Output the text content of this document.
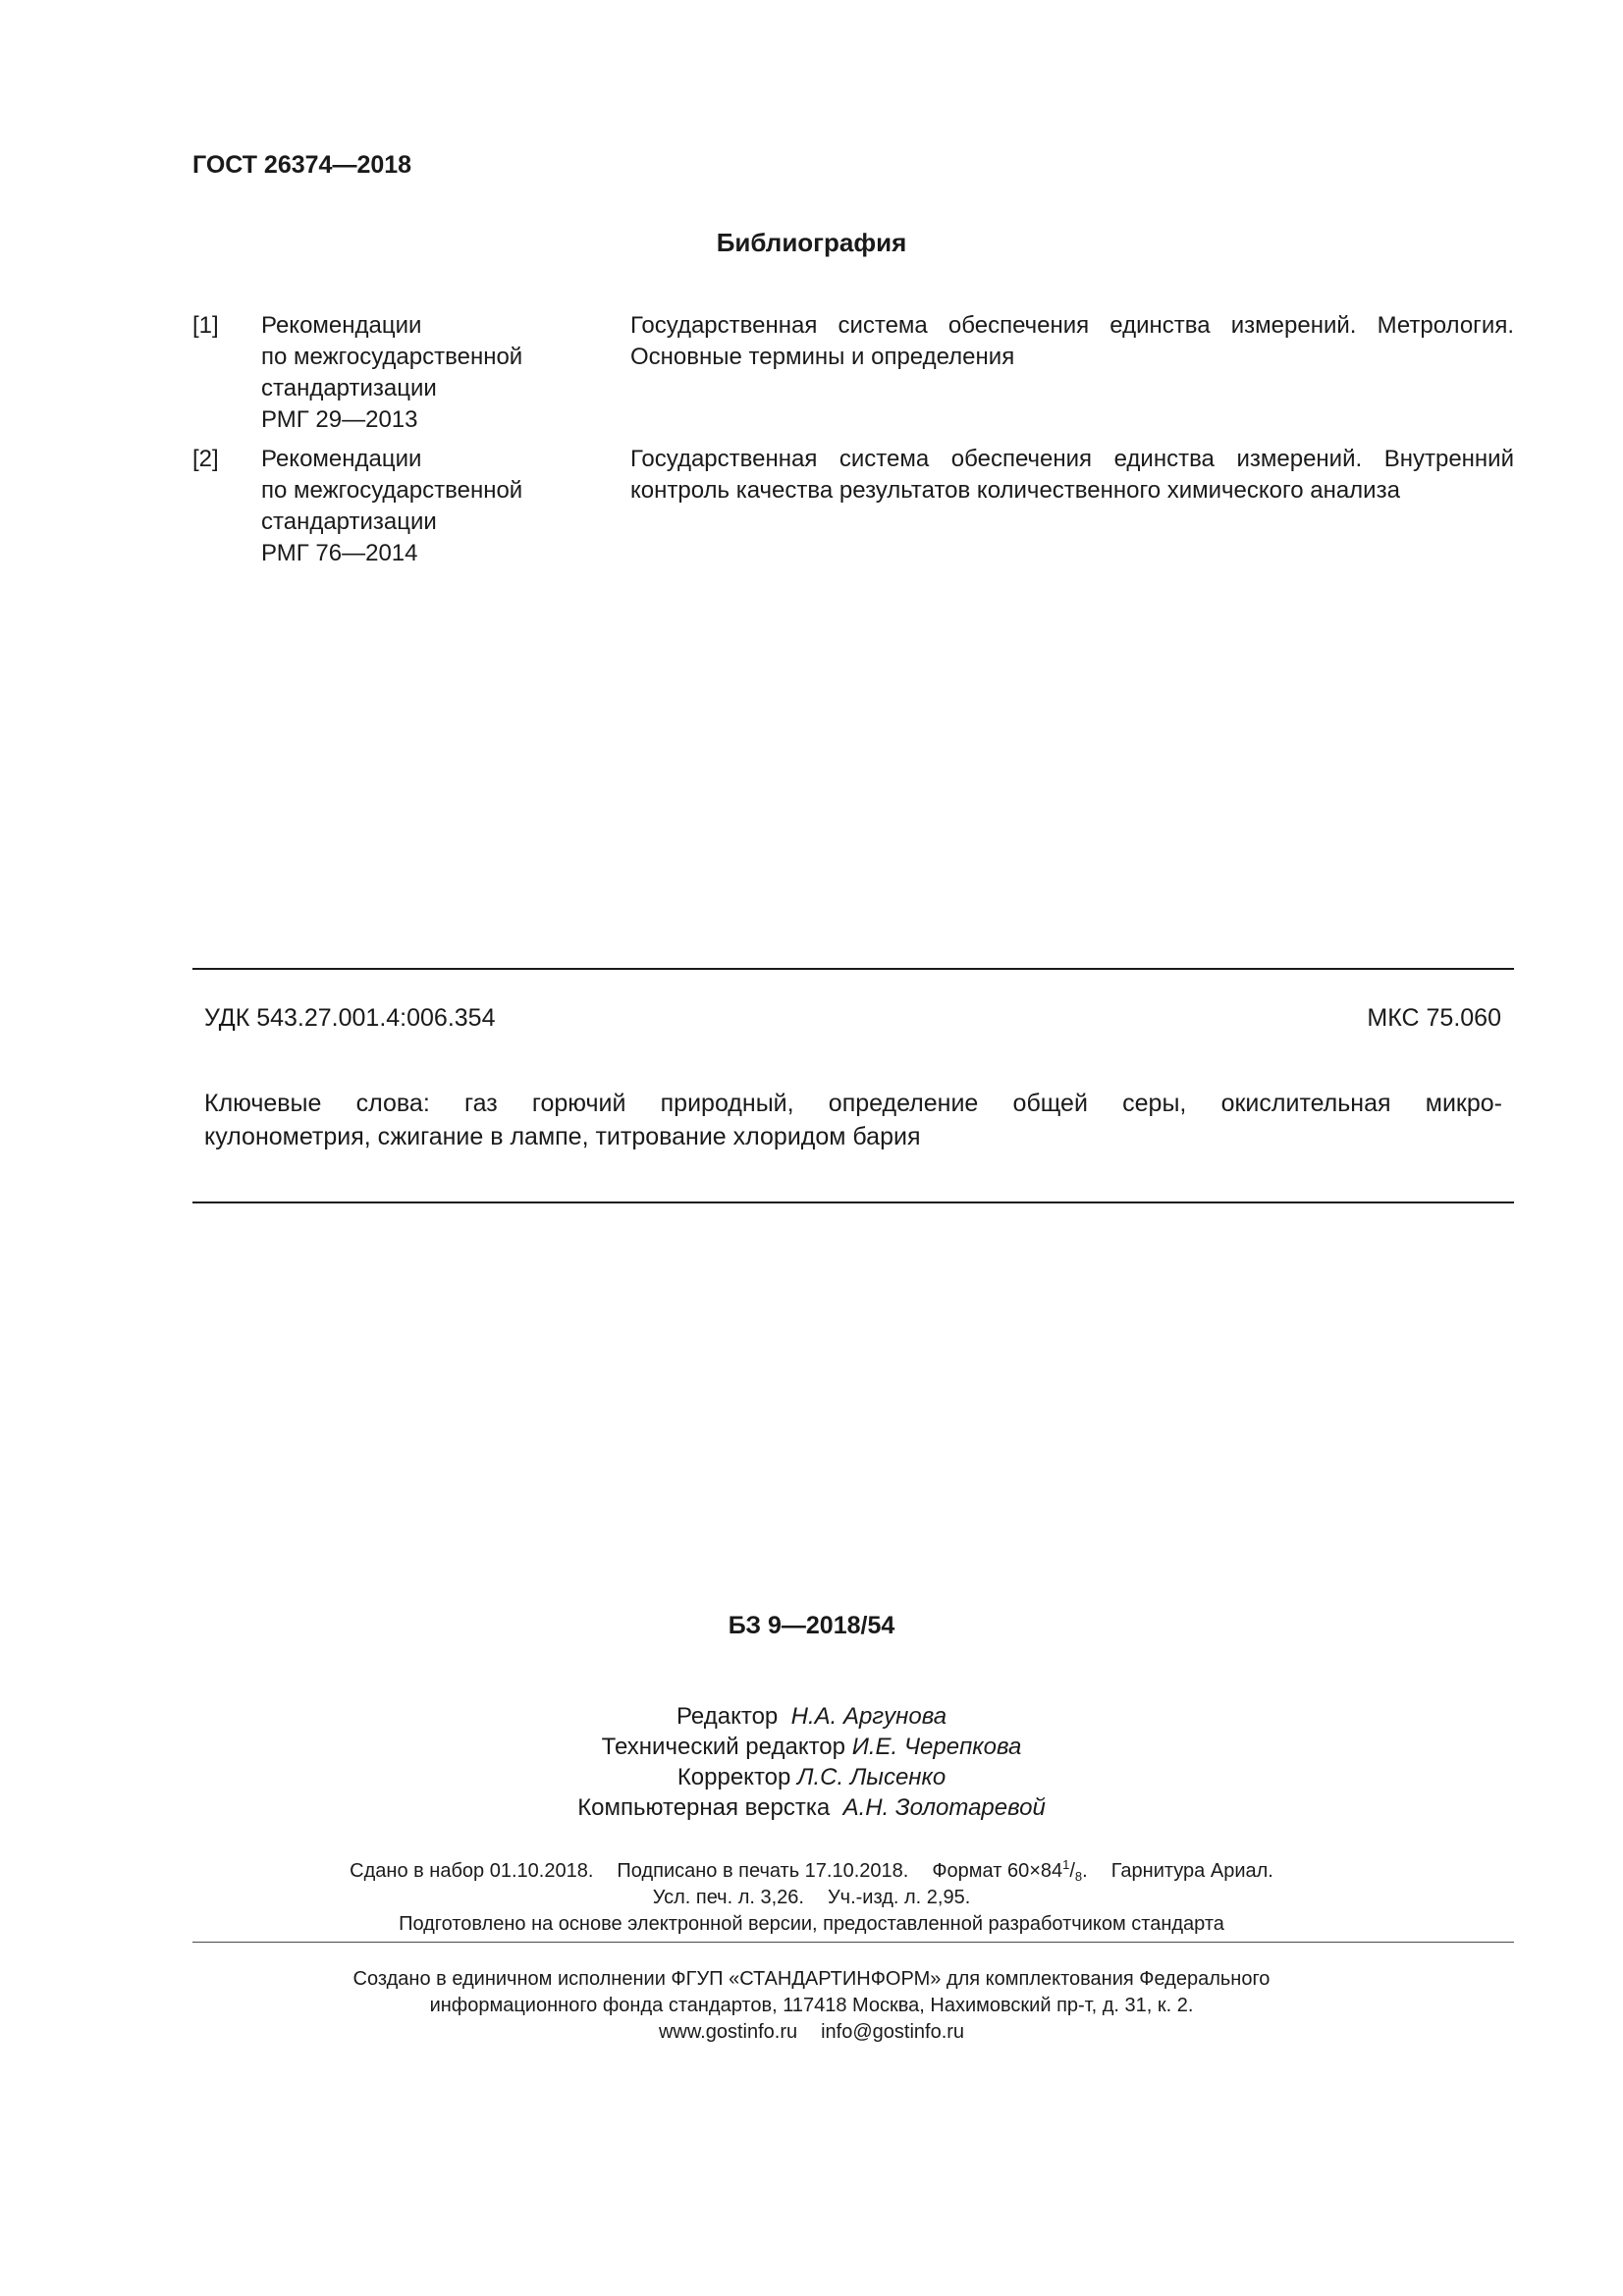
ГОСТ 26374—2018
Библиография
[1] Рекомендации
по межгосударственной
стандартизации
РМГ 29—2013
Государственная система обеспечения единства измерений. Метрология. Основные термины и определения
[2] Рекомендации
по межгосударственной
стандартизации
РМГ 76—2014
Государственная система обеспечения единства измерений. Внутренний контроль качества результатов количественного химического анализа
УДК 543.27.001.4:006.354	МКС 75.060
Ключевые слова: газ горючий природный, определение общей серы, окислительная микро-
кулонометрия, сжигание в лампе, титрование хлоридом бария
БЗ 9—2018/54
Редактор Н.А. Аргунова
Технический редактор И.Е. Черепкова
Корректор Л.С. Лысенко
Компьютерная верстка А.Н. Золотаревой
Сдано в набор 01.10.2018. Подписано в печать 17.10.2018. Формат $60\times 84^1/_8$. Гарнитура Ариал.
Усл. печ. л. 3,26. Уч.-изд. л. 2,95.
Подготовлено на основе электронной версии, предоставленной разработчиком стандарта
Создано в единичном исполнении ФГУП «СТАНДАРТИНФОРМ» для комплектования Федерального
информационного фонда стандартов, 117418 Москва, Нахимовский пр-т, д. 31, к. 2.
www.gostinfo.ru info@gostinfo.ru
